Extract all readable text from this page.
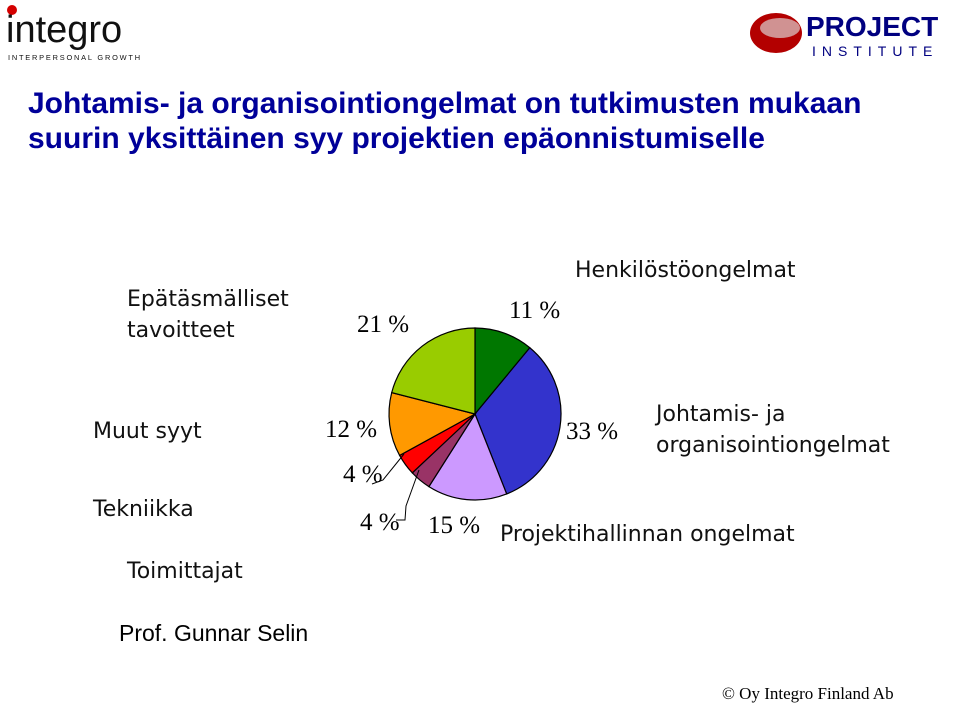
integro
INTERPERSONAL GROWTH
PROJECT
INSTITUTE
Johtamis- ja organisointiongelmat on tutkimusten mukaan
suurin yksittäinen syy projektien epäonnistumiselle
Henkilöstöongelmat
Johtamis- ja
organisointiongelmat
Projektihallinnan ongelmat
Toimittajat
Tekniikka
Muut syyt
Epätäsmälliset
tavoitteet
11 %
33 %
15 %
4 %
4 %
12 %
21 %
Prof. Gunnar Selin
© Oy Integro Finland Ab
